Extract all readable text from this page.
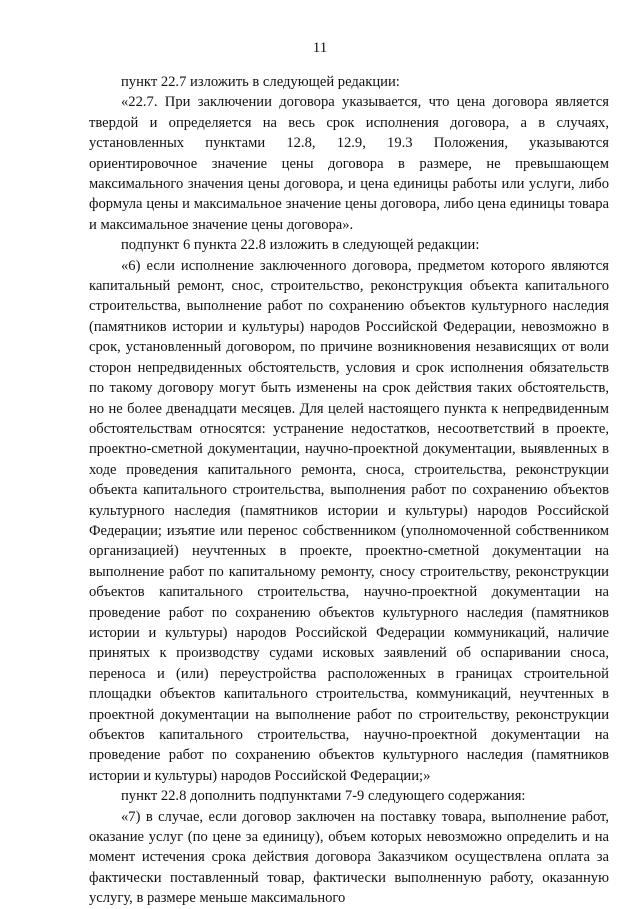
11

пункт 22.7 изложить в следующей редакции:

«22.7. При заключении договора указывается, что цена договора является твердой и определяется на весь срок исполнения договора, а в случаях, установленных пунктами 12.8, 12.9, 19.3 Положения, указываются ориентировочное значение цены договора в размере, не превышающем максимального значения цены договора, и цена единицы работы или услуги, либо формула цены и максимальное значение цены договора, либо цена единицы товара и максимальное значение цены договора».

подпункт 6 пункта 22.8 изложить в следующей редакции:

«6) если исполнение заключенного договора, предметом которого являются капитальный ремонт, снос, строительство, реконструкция объекта капитального строительства, выполнение работ по сохранению объектов культурного наследия (памятников истории и культуры) народов Российской Федерации, невозможно в срок, установленный договором, по причине возникновения независящих от воли сторон непредвиденных обстоятельств, условия и срок исполнения обязательств по такому договору могут быть изменены на срок действия таких обстоятельств, но не более двенадцати месяцев. Для целей настоящего пункта к непредвиденным обстоятельствам относятся: устранение недостатков, несоответствий в проекте, проектно-сметной документации, научно-проектной документации, выявленных в ходе проведения капитального ремонта, сноса, строительства, реконструкции объекта капитального строительства, выполнения работ по сохранению объектов культурного наследия (памятников истории и культуры) народов Российской Федерации; изъятие или перенос собственником (уполномоченной собственником организацией) неучтенных в проекте, проектно-сметной документации на выполнение работ по капитальному ремонту, сносу строительству, реконструкции объектов капитального строительства, научно-проектной документации на проведение работ по сохранению объектов культурного наследия (памятников истории и культуры) народов Российской Федерации коммуникаций, наличие принятых к производству судами исковых заявлений об оспаривании сноса, переноса и (или) переустройства расположенных в границах строительной площадки объектов капитального строительства, коммуникаций, неучтенных в проектной документации на выполнение работ по строительству, реконструкции объектов капитального строительства, научно-проектной документации на проведение работ по сохранению объектов культурного наследия (памятников истории и культуры) народов Российской Федерации;»

пункт 22.8 дополнить подпунктами 7-9 следующего содержания:

«7) в случае, если договор заключен на поставку товара, выполнение работ, оказание услуг (по цене за единицу), объем которых невозможно определить и на момент истечения срока действия договора Заказчиком осуществлена оплата за фактически поставленный товар, фактически выполненную работу, оказанную услугу, в размере меньше максимального
